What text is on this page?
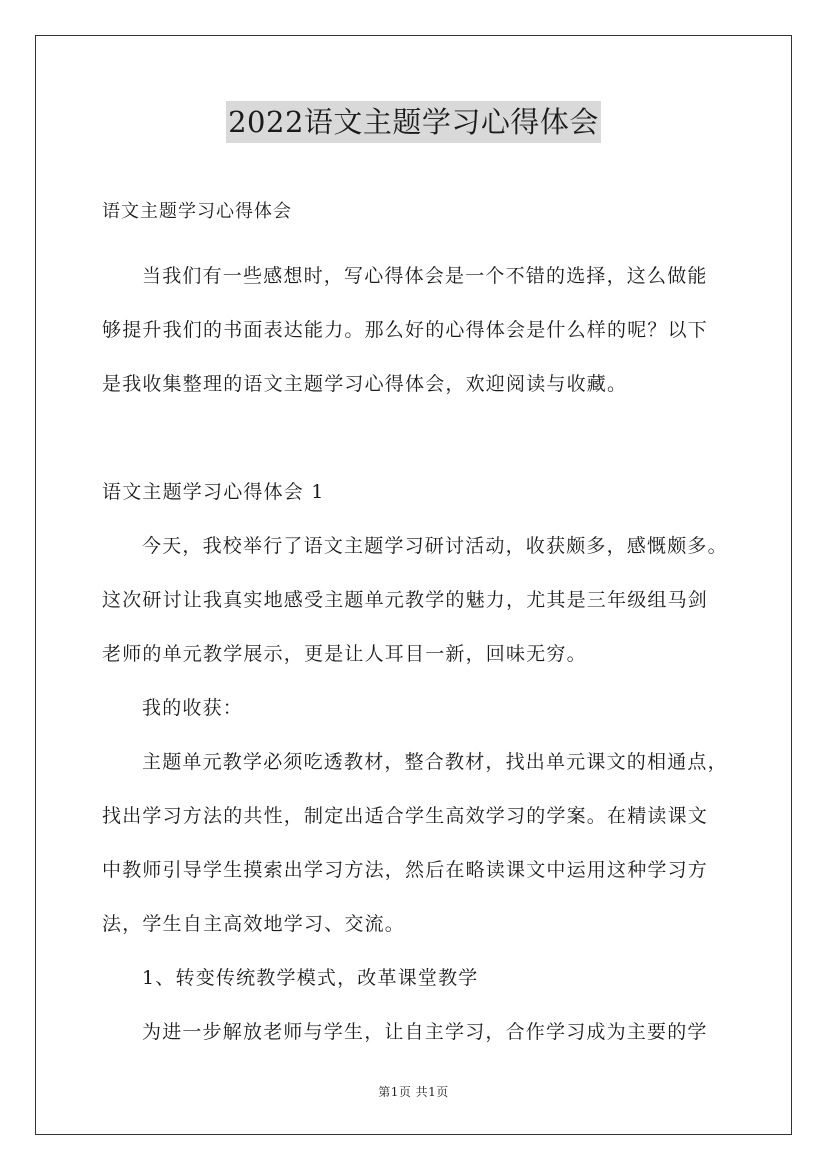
2022语文主题学习心得体会

语文主题学习心得体会

当我们有一些感想时，写心得体会是一个不错的选择，这么做能

够提升我们的书面表达能力。那么好的心得体会是什么样的呢？以下

是我收集整理的语文主题学习心得体会，欢迎阅读与收藏。

语文主题学习心得体会 1

今天，我校举行了语文主题学习研讨活动，收获颇多，感慨颇多。

这次研讨让我真实地感受主题单元教学的魅力，尤其是三年级组马剑

老师的单元教学展示，更是让人耳目一新，回味无穷。

我的收获：

主题单元教学必须吃透教材，整合教材，找出单元课文的相通点，

找出学习方法的共性，制定出适合学生高效学习的学案。在精读课文

中教师引导学生摸索出学习方法，然后在略读课文中运用这种学习方

法，学生自主高效地学习、交流。

1、转变传统教学模式，改革课堂教学

为进一步解放老师与学生，让自主学习，合作学习成为主要的学

第1页 共1页
